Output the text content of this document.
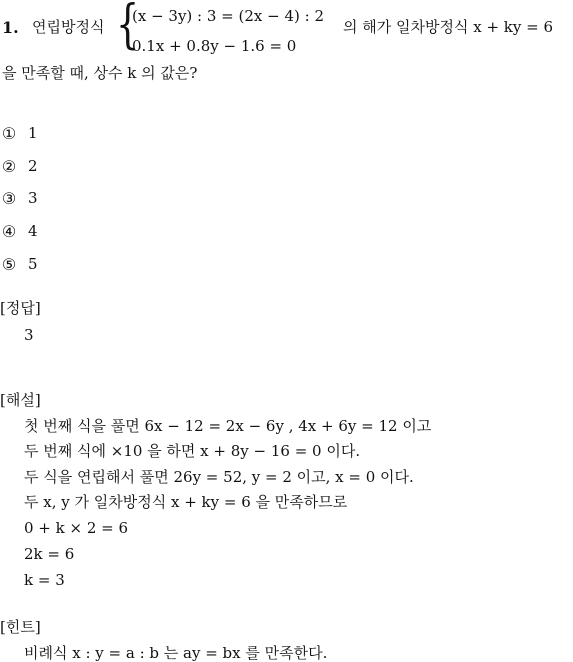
1. 연립방정식 {
(x − 3y) : 3 = (2x − 4) : 2
0.1x + 0.8y − 1.6 = 0
의 해가 일차방정식 x + ky = 6
을 만족할 때, 상수 k 의 값은?
① 1
② 2
③ 3
④ 4
⑤ 5
[정답]
3
[해설]
첫 번째 식을 풀면 6x − 12 = 2x − 6y , 4x + 6y = 12 이고
두 번째 식에 ×10 을 하면 x + 8y − 16 = 0 이다.
두 식을 연립해서 풀면 26y = 52, y = 2 이고, x = 0 이다.
두 x, y 가 일차방정식 x + ky = 6 을 만족하므로
0 + k × 2 = 6
2k = 6
k = 3
[힌트]
비례식 x : y = a : b 는 ay = bx 를 만족한다.
